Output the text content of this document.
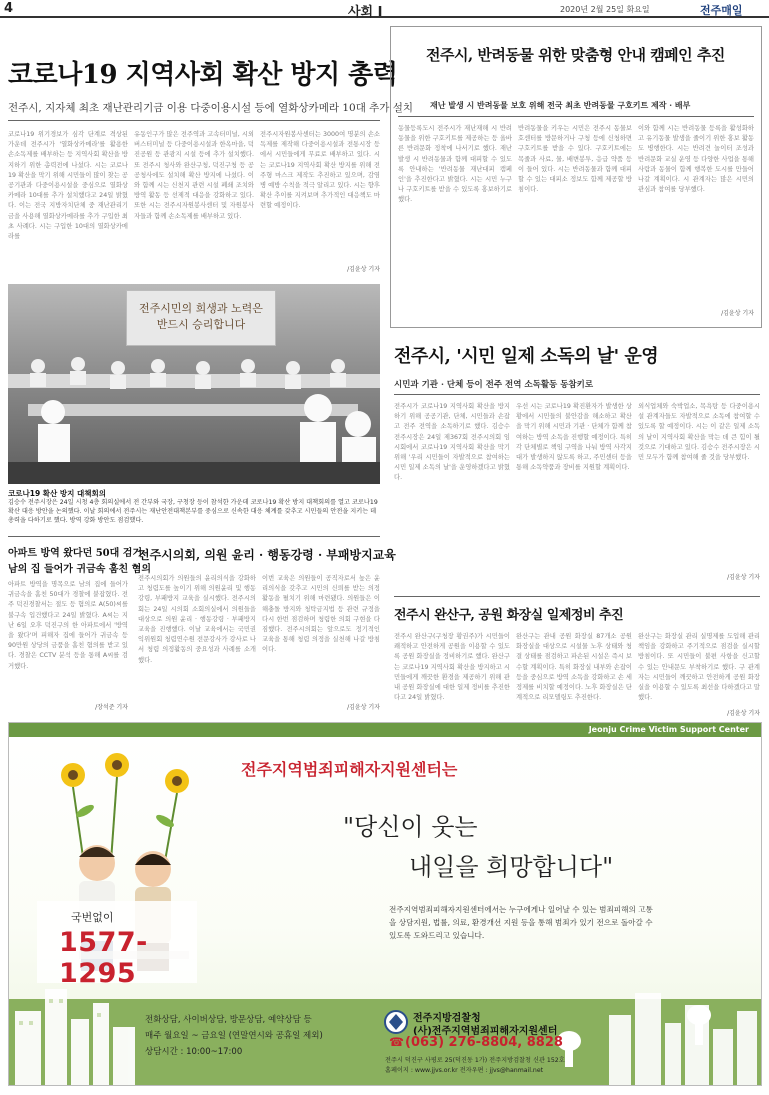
4	사회 I	2020년 2월 25일 화요일	전주매일
코로나19 지역사회 확산 방지 총력
전주시, 지자체 최초 재난관리기금 이용 다중이용시설 등에 열화상카메라 10대 추가 설치
코로나19 위기경보가 심각 단계로 격상된 가운데 전주시가 '열화상카메라'를 활용한 손소독제를 배부하는 등 지역사회 확산을 방지하기 위한 총력전에 나섰다. 시는 코로나19 확산을 막기 위해 시민들이 많이 찾는 공공기관과 다중이용시설을 중심으로 열화상카메라 10대를 추가 설치했다고 24일 밝혔다. 이는 전국 지방자치단체 중 재난관리기금을 사용해 열화상카메라를 추가 구입한 최초 사례다. 시는 구입한 10대의 열화상카메라를
유동인구가 많은 전주역과 고속터미널, 시외버스터미널 등 다중이용시설과 한옥마을, 덕진공원 등 관광지 시설 등에 추가 설치했다. 또 전주시 청사와 완산구청, 덕진구청 등 공공청사에도 설치해 확산 방지에 나섰다. 이와 함께 시는 신천지 관련 시설 폐쇄 조치와 방역 활동 등 선제적 대응을 강화하고 있다. 또한 시는 전주시자원봉사센터 및 자원봉사자들과 함께 손소독제를 배부하고 있다.
전주시자원봉사센터는 3000여 명분의 손소독제를 제작해 다중이용시설과 전통시장 등에서 시민들에게 무료로 배부하고 있다. 시는 코로나19 지역사회 확산 방지를 위해 전주형 마스크 제작도 추진하고 있으며, 감염병 예방 수칙을 적극 알리고 있다. 시는 향후 확산 추이를 지켜보며 추가적인 대응책도 마련할 예정이다.
/김윤상 기자
전주시민의 희생과 노력은 반드시 승리합니다
코로나19 확산 방지 대책회의
김승수 전주시장은 24일 시청 4층 회의실에서 전 간부와 국장, 구청장 등이 참석한 가운데 코로나19 확산 방지 대책회의를 열고 코로나19 확산 대응 방안을 논의했다. 이날 회의에서 전주시는 재난안전대책본부를 중심으로 신속한 대응 체계를 갖추고 시민들의 안전을 지키는 데 총력을 다하기로 했다. 방역 강화 방안도 점검했다.
전주시, 반려동물 위한 맞춤형 안내 캠페인 추진
재난 발생 시 반려동물 보호 위해 전국 최초 반려동물 구호키트 제작 · 배부
동물등록도시 전주시가 재난재해 시 반려동물을 위한 구호키트를 제공하는 등 올바른 반려문화 정착에 나서기로 했다. 재난 발생 시 반려동물과 함께 대피할 수 있도록 안내하는 '반려동물 재난대피 캠페인'을 추진한다고 밝혔다. 시는 시민 누구나 구호키트를 받을 수 있도록 홍보하기로 했다.
반려동물을 키우는 시민은 전주시 동물보호센터를 방문하거나 구청 등에 신청하면 구호키트를 받을 수 있다. 구호키트에는 목줄과 사료, 물, 배변봉투, 응급 약품 등이 들어 있다. 시는 반려동물과 함께 대피할 수 있는 대피소 정보도 함께 제공할 방침이다.
이와 함께 시는 반려동물 등록을 활성화하고 유기동물 발생을 줄이기 위한 홍보 활동도 병행한다. 시는 반려견 놀이터 조성과 반려문화 교실 운영 등 다양한 사업을 통해 사람과 동물이 함께 행복한 도시를 만들어 나갈 계획이다. 시 관계자는 많은 시민의 관심과 참여를 당부했다.
/김윤상 기자
전주시, '시민 일제 소독의 날' 운영
시민과 기관 · 단체 등이 전주 전역 소독활동 동참키로
전주시가 코로나19 지역사회 확산을 방지하기 위해 공공기관, 단체, 시민들과 손잡고 전주 전역을 소독하기로 했다. 김승수 전주시장은 24일 제367회 전주시의회 임시회에서 코로나19 지역사회 확산을 막기 위해 '우리 시민들이 자발적으로 참여하는 시민 일제 소독의 날'을 운영하겠다고 밝혔다.
우선 시는 코로나19 확진환자가 발생한 상황에서 시민들의 불안감을 해소하고 확산을 막기 위해 시민과 기관 · 단체가 함께 참여하는 방역 소독을 진행할 예정이다. 특히 각 단체별로 책임 구역을 나눠 방역 사각지대가 발생하지 않도록 하고, 주민센터 등을 통해 소독약품과 장비를 지원할 계획이다.
외식업체와 숙박업소, 목욕탕 등 다중이용시설 관계자들도 자발적으로 소독에 참여할 수 있도록 할 예정이다. 시는 이 같은 일제 소독의 날이 지역사회 확산을 막는 데 큰 힘이 될 것으로 기대하고 있다. 김승수 전주시장은 시민 모두가 함께 참여해 줄 것을 당부했다.
/김윤상 기자
아파트 방역 왔다던 50대 검거
남의 집 들어가 귀금속 훔친 혐의
아파트 방역을 명목으로 남의 집에 들어가 귀금속을 훔친 50대가 경찰에 붙잡혔다. 전주 덕진경찰서는 절도 등 혐의로 A(50)씨를 불구속 입건했다고 24일 밝혔다. A씨는 지난 6일 오후 덕진구의 한 아파트에서 '방역을 왔다'며 피해자 집에 들어가 귀금속 등 90만원 상당의 금품을 훔친 혐의를 받고 있다. 경찰은 CCTV 분석 등을 통해 A씨를 검거했다.
/장석준 기자
전주시의회, 의원 윤리 · 행동강령 · 부패방지교육
전주시의회가 의원들의 윤리의식을 강화하고 청렴도를 높이기 위해 의원윤리 및 행동강령, 부패방지 교육을 실시했다. 전주시의회는 24일 시의회 소회의실에서 의원들을 대상으로 의원 윤리 · 행동강령 · 부패방지교육을 진행했다. 이날 교육에서는 국민권익위원회 청렴연수원 전문강사가 강사로 나서 청렴 의정활동의 중요성과 사례를 소개했다.
이번 교육은 의원들이 공직자로서 높은 윤리의식을 갖추고 시민의 신뢰를 받는 의정활동을 펼치기 위해 마련됐다. 의원들은 이해충돌 방지와 청탁금지법 등 관련 규정을 다시 한번 점검하며 청렴한 의회 구현을 다짐했다. 전주시의회는 앞으로도 정기적인 교육을 통해 청렴 의정을 실천해 나갈 방침이다.
/김윤상 기자
전주시 완산구, 공원 화장실 일제정비 추진
전주시 완산구(구청장 황권주)가 시민들이 쾌적하고 안전하게 공원을 이용할 수 있도록 공원 화장실을 정비하기로 했다. 완산구는 코로나19 지역사회 확산을 방지하고 시민들에게 깨끗한 환경을 제공하기 위해 관내 공원 화장실에 대한 일제 정비를 추진한다고 24일 밝혔다.
완산구는 관내 공원 화장실 87개소 공원 화장실을 대상으로 시설물 노후 상태와 청결 상태를 점검하고 파손된 시설은 즉시 보수할 계획이다. 특히 화장실 내부와 손잡이 등을 중심으로 방역 소독을 강화하고 손 세정제를 비치할 예정이다. 노후 화장실은 단계적으로 리모델링도 추진한다.
완산구는 화장실 관리 실명제를 도입해 관리 책임을 강화하고 주기적으로 점검을 실시할 방침이다. 또 시민들이 불편 사항을 신고할 수 있는 안내문도 부착하기로 했다. 구 관계자는 시민들이 깨끗하고 안전하게 공원 화장실을 이용할 수 있도록 최선을 다하겠다고 말했다.
/김윤상 기자
Jeonju Crime Victim Support Center
국번없이
1577-1295
전주지역범죄피해자지원센터는
"당신이 웃는
내일을 희망합니다"
전주지역범죄피해자지원센터에서는 누구에게나 일어날 수 있는 범죄피해의 고통을 상담지원, 법률, 의료, 환경개선 지원 등을 통해 범죄가 있기 전으로 돌아갈 수 있도록 도와드리고 있습니다.
전화상담, 사이버상담, 방문상담, 예약상담 등
매주 월요일 ~ 금요일 (연말연시와 공휴일 제외)
상담시간 : 10:00~17:00
전주지방검찰청
(사)전주지역범죄피해자지원센터
☎ (063) 276-8804, 8828
전주시 덕진구 사평로 25(덕진동 1가) 전주지방검찰청 신관 152호
홈페이지 : www.jjvs.or.kr 전자우편 : jjvs@hanmail.net
